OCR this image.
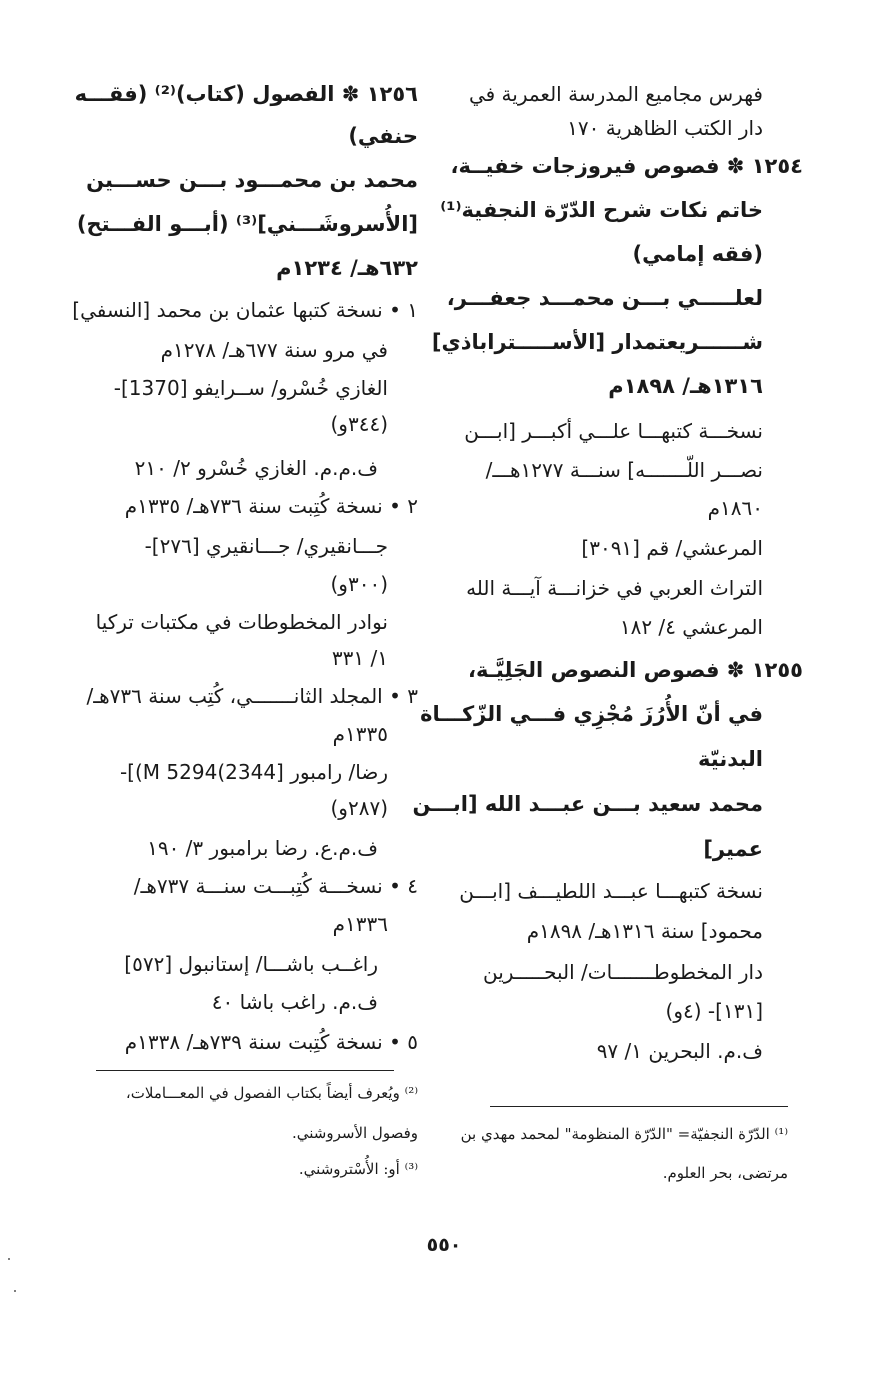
فهرس مجاميع المدرسة العمرية في
دار الكتب الظاهرية ١٧٠
١٢٥٤ ✽ فصوص فيروزجات خفيــة،
خاتم نكات شرح الدّرّة النجفية⁽¹⁾
(فقه إمامي)
لعلـــــي بـــن محمـــد جعفـــر،
شــــــريعتمدار [الأســـــتراباذي]
١٣١٦هـ/ ١٨٩٨م
نسخـــة كتبهـــا علـــي أكبـــر [ابـــن
نصـــر اللّـــــــه] سنـــة ١٢٧٧هـــ/
١٨٦٠م
المرعشي/ قم [٣٠٩١]
التراث العربي في خزانـــة آيـــة الله
المرعشي ٤/ ١٨٢
١٢٥٥ ✽ فصوص النصوص الجَلِيَّـة،
في أنّ الأُرُزَ مُجْزِي فـــي الزّكـــاة
البدنيّة
محمد سعيد بـــن عبـــد الله [ابـــن
عمير]
نسخة كتبهـــا عبـــد اللطيـــف [ابـــن
محمود] سنة ١٣١٦هـ/ ١٨٩٨م
دار المخطوطـــــــات/ البحـــــرين
[١٣١]- (٤و)
ف.م. البحرين ١/ ٩٧
١٢٥٦ ✽ الفصول (كتاب)⁽²⁾ (فقـــه
حنفي)
محمد بن محمـــود بـــن حســـين
[الأُسروشَـــني]⁽³⁾ (أبـــو الفـــتح)
٦٣٢هـ/ ١٢٣٤م
١ • نسخة كتبها عثمان بن محمد [النسفي]
في مرو سنة ٦٧٧هـ/ ١٢٧٨م
الغازي خُسْرو/ ســرايفو [1370]-
(٣٤٤و)
ف.م.م. الغازي خُسْرو ٢/ ٢١٠
٢ • نسخة كُتِبت سنة ٧٣٦هـ/ ١٣٣٥م
جـــانقيري/ جـــانقيري [٢٧٦]-
(٣٠٠و)
نوادر المخطوطات في مكتبات تركيا
١/ ٣٣١
٣ • المجلد الثانـــــــي، كُتِب سنة ٧٣٦هـ/
١٣٣٥م
رضا/ رامبور [2344)5294 M)]-
(٢٨٧و)
ف.م.ع. رضا برامبور ٣/ ١٩٠
٤ • نسخـــة كُتِبـــت سنـــة ٧٣٧هـ/
١٣٣٦م
راغــب باشـــا/ إستانبول [٥٧٢]
ف.م. راغب باشا ٤٠
٥ • نسخة كُتِبت سنة ٧٣٩هـ/ ١٣٣٨م
⁽²⁾ ويُعرف أيضاً بكتاب الفصول في المعـــاملات،
وفصول الأسروشني.
⁽³⁾ أو: الأُسْتروشني.
⁽¹⁾ الدّرّة النجفيّة= "الدّرّة المنظومة" لمحمد مهدي بن
مرتضى، بحر العلوم.
٥٥٠
